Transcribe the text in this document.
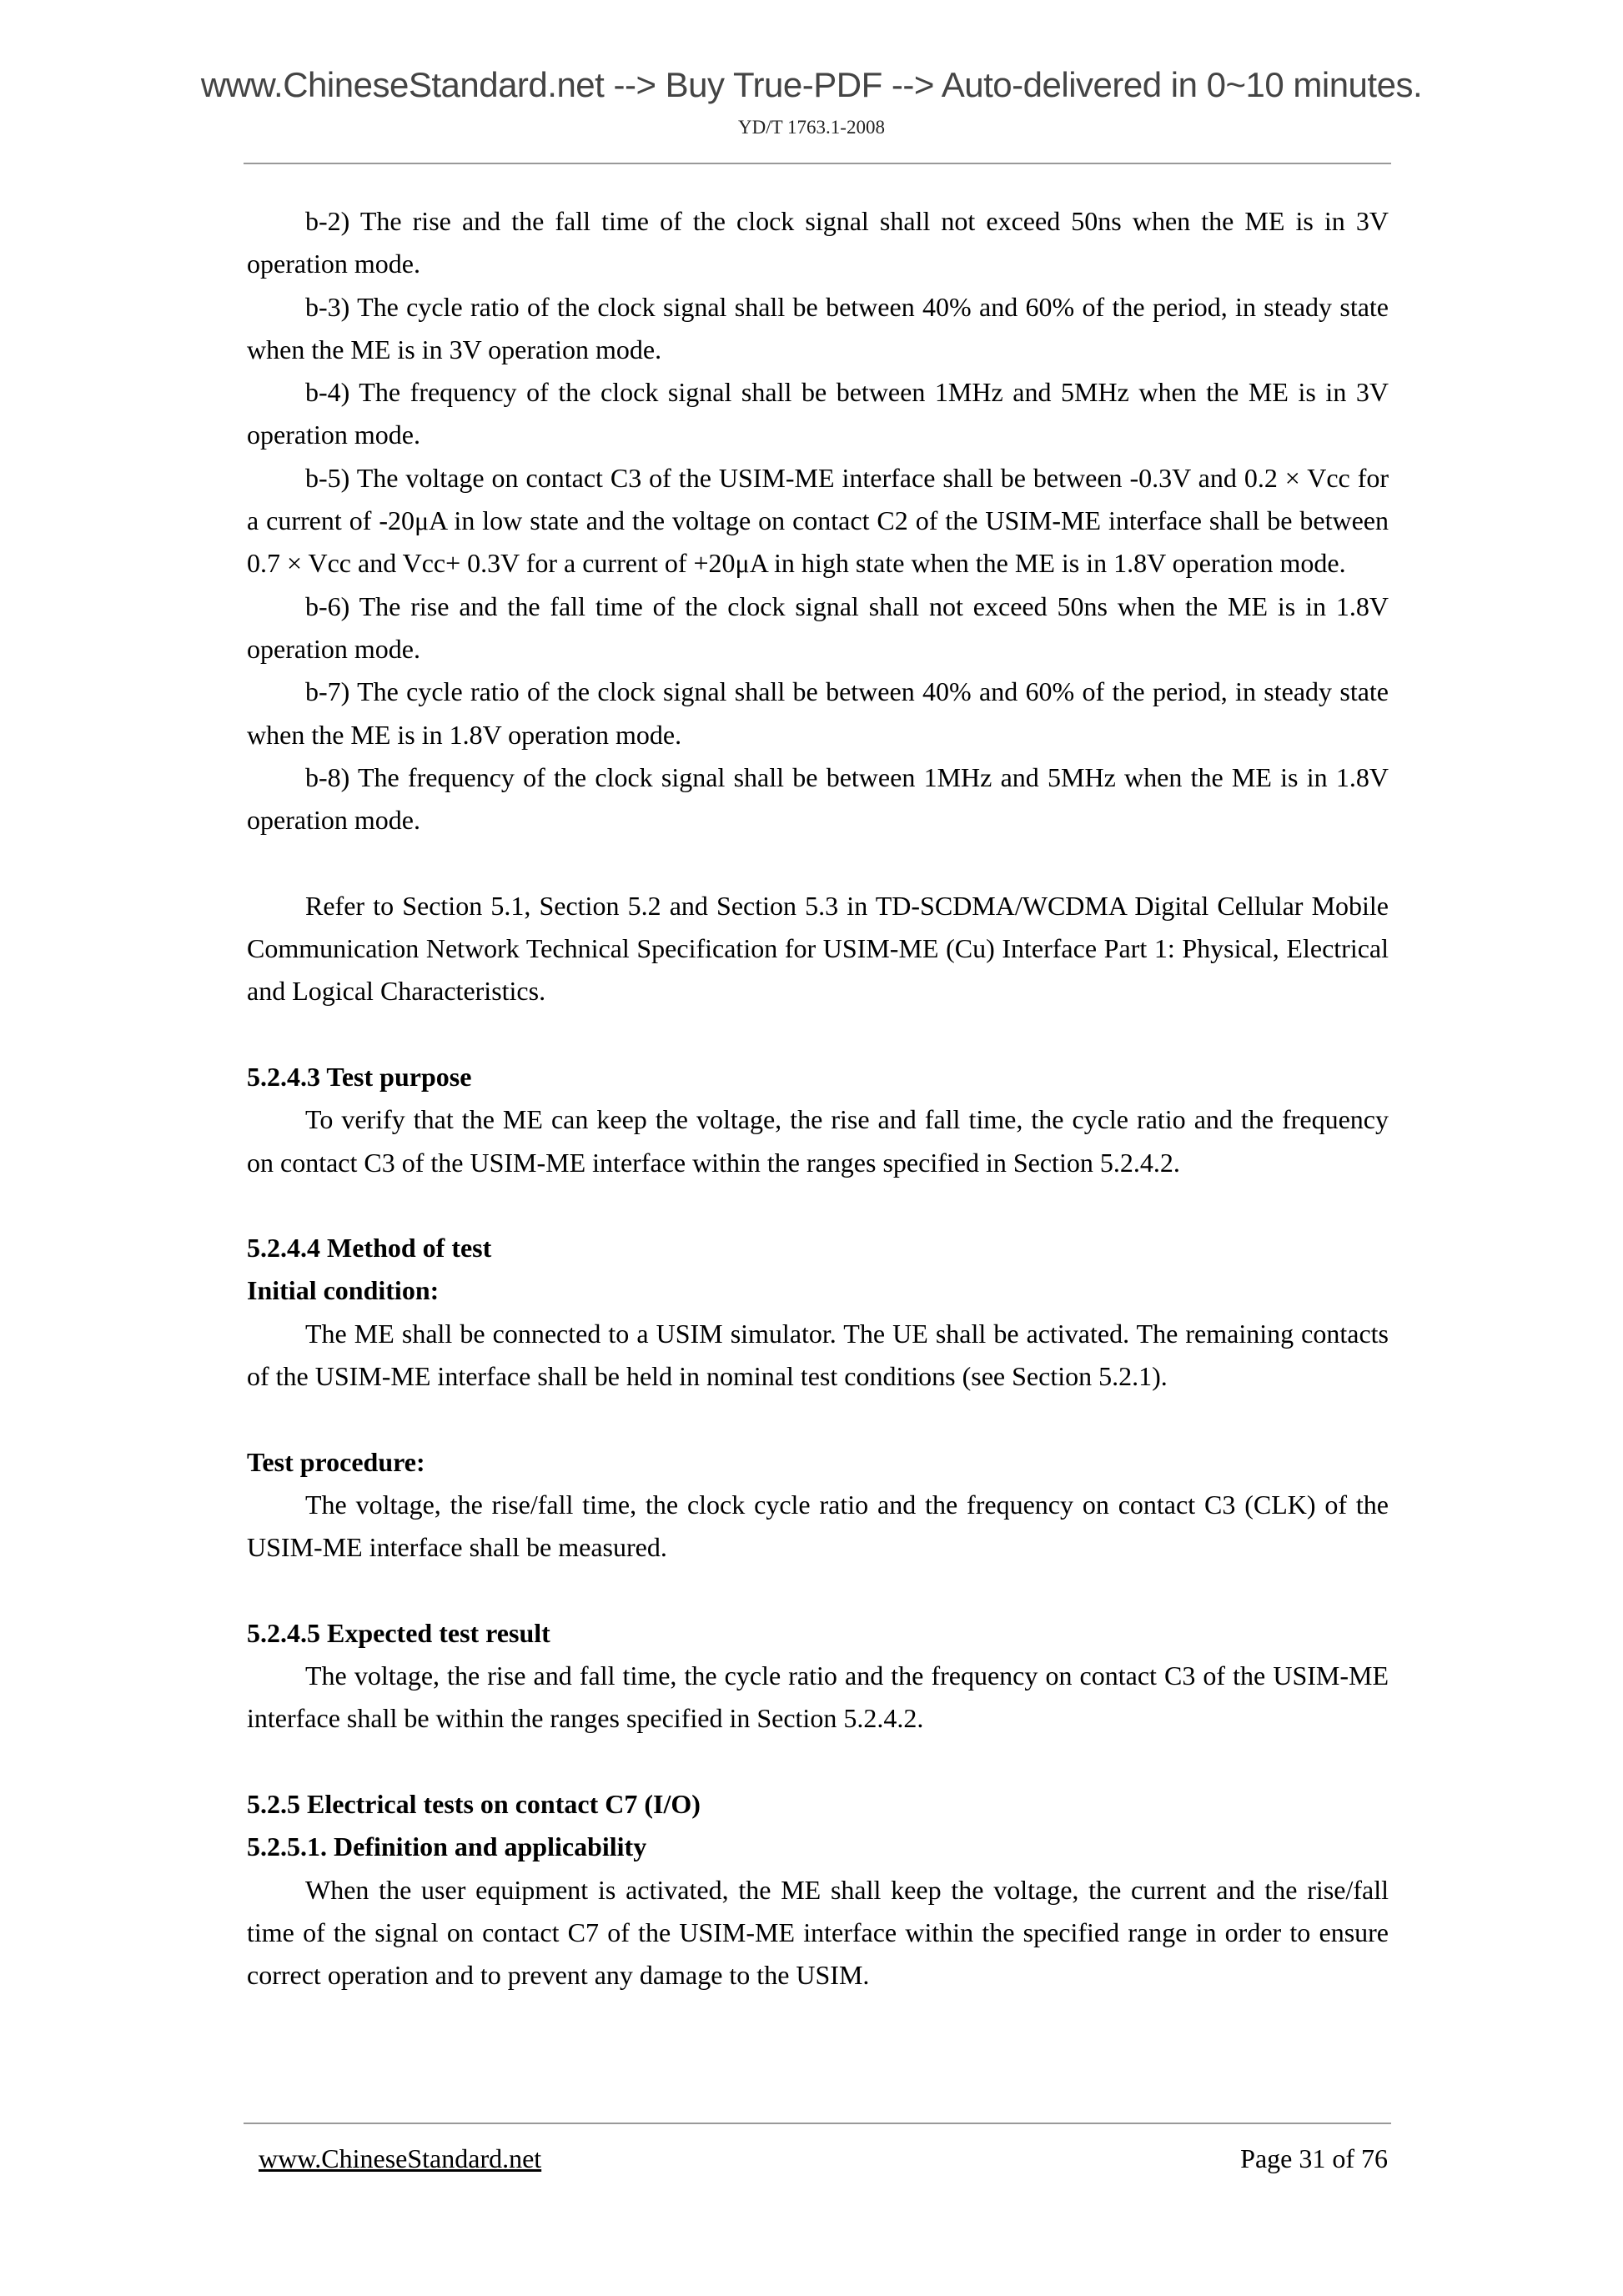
www.ChineseStandard.net --> Buy True-PDF --> Auto-delivered in 0~10 minutes.
YD/T 1763.1-2008

b-2) The rise and the fall time of the clock signal shall not exceed 50ns when the ME is in 3V operation mode.

b-3) The cycle ratio of the clock signal shall be between 40% and 60% of the period, in steady state when the ME is in 3V operation mode.

b-4) The frequency of the clock signal shall be between 1MHz and 5MHz when the ME is in 3V operation mode.

b-5) The voltage on contact C3 of the USIM-ME interface shall be between -0.3V and 0.2 × Vcc for a current of -20μA in low state and the voltage on contact C2 of the USIM-ME interface shall be between 0.7 × Vcc and Vcc+ 0.3V for a current of +20μA in high state when the ME is in 1.8V operation mode.

b-6) The rise and the fall time of the clock signal shall not exceed 50ns when the ME is in 1.8V operation mode.

b-7) The cycle ratio of the clock signal shall be between 40% and 60% of the period, in steady state when the ME is in 1.8V operation mode.

b-8) The frequency of the clock signal shall be between 1MHz and 5MHz when the ME is in 1.8V operation mode.

Refer to Section 5.1, Section 5.2 and Section 5.3 in TD-SCDMA/WCDMA Digital Cellular Mobile Communication Network Technical Specification for USIM-ME (Cu) Interface Part 1: Physical, Electrical and Logical Characteristics.

5.2.4.3 Test purpose

To verify that the ME can keep the voltage, the rise and fall time, the cycle ratio and the frequency on contact C3 of the USIM-ME interface within the ranges specified in Section 5.2.4.2.

5.2.4.4 Method of test
Initial condition:

The ME shall be connected to a USIM simulator. The UE shall be activated. The remaining contacts of the USIM-ME interface shall be held in nominal test conditions (see Section 5.2.1).

Test procedure:

The voltage, the rise/fall time, the clock cycle ratio and the frequency on contact C3 (CLK) of the USIM-ME interface shall be measured.

5.2.4.5 Expected test result

The voltage, the rise and fall time, the cycle ratio and the frequency on contact C3 of the USIM-ME interface shall be within the ranges specified in Section 5.2.4.2.

5.2.5 Electrical tests on contact C7 (I/O)
5.2.5.1. Definition and applicability

When the user equipment is activated, the ME shall keep the voltage, the current and the rise/fall time of the signal on contact C7 of the USIM-ME interface within the specified range in order to ensure correct operation and to prevent any damage to the USIM.

www.ChineseStandard.net	Page 31 of 76
